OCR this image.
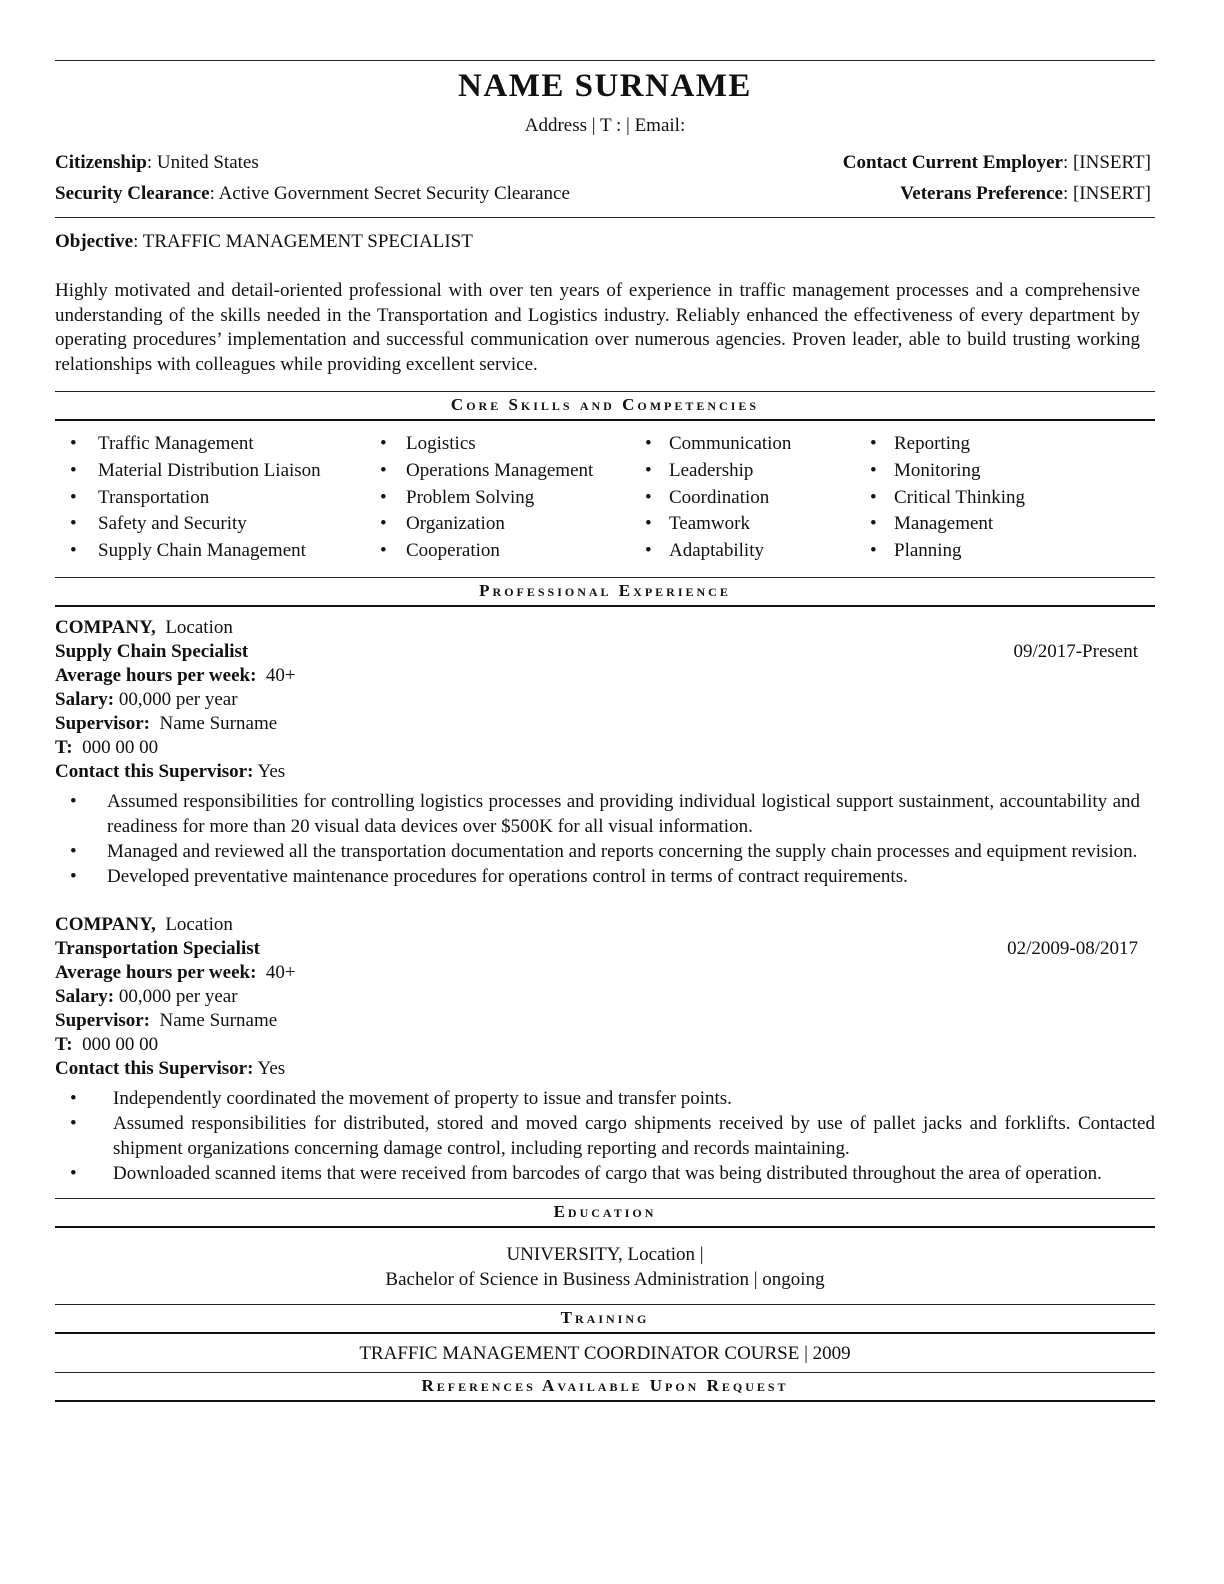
NAME SURNAME
Address | T : | Email:
Citizenship: United States
Security Clearance: Active Government Secret Security Clearance
Contact Current Employer: [INSERT]
Veterans Preference: [INSERT]
Objective: TRAFFIC MANAGEMENT SPECIALIST
Highly motivated and detail-oriented professional with over ten years of experience in traffic management processes and a comprehensive understanding of the skills needed in the Transportation and Logistics industry. Reliably enhanced the effectiveness of every department by operating procedures’ implementation and successful communication over numerous agencies. Proven leader, able to build trusting working relationships with colleagues while providing excellent service.
Core Skills and Competencies
• Traffic Management
• Material Distribution Liaison
• Transportation
• Safety and Security
• Supply Chain Management
• Logistics
• Operations Management
• Problem Solving
• Organization
• Cooperation
• Communication
• Leadership
• Coordination
• Teamwork
• Adaptability
• Reporting
• Monitoring
• Critical Thinking
• Management
• Planning
Professional Experience
COMPANY, Location
Supply Chain Specialist	09/2017-Present
Average hours per week: 40+
Salary: 00,000 per year
Supervisor: Name Surname
T: 000 00 00
Contact this Supervisor: Yes
• Assumed responsibilities for controlling logistics processes and providing individual logistical support sustainment, accountability and readiness for more than 20 visual data devices over $500K for all visual information.
• Managed and reviewed all the transportation documentation and reports concerning the supply chain processes and equipment revision.
• Developed preventative maintenance procedures for operations control in terms of contract requirements.
COMPANY, Location
Transportation Specialist	02/2009-08/2017
Average hours per week: 40+
Salary: 00,000 per year
Supervisor: Name Surname
T: 000 00 00
Contact this Supervisor: Yes
• Independently coordinated the movement of property to issue and transfer points.
• Assumed responsibilities for distributed, stored and moved cargo shipments received by use of pallet jacks and forklifts. Contacted shipment organizations concerning damage control, including reporting and records maintaining.
• Downloaded scanned items that were received from barcodes of cargo that was being distributed throughout the area of operation.
Education
UNIVERSITY, Location |
Bachelor of Science in Business Administration | ongoing
Training
TRAFFIC MANAGEMENT COORDINATOR COURSE | 2009
References Available Upon Request
